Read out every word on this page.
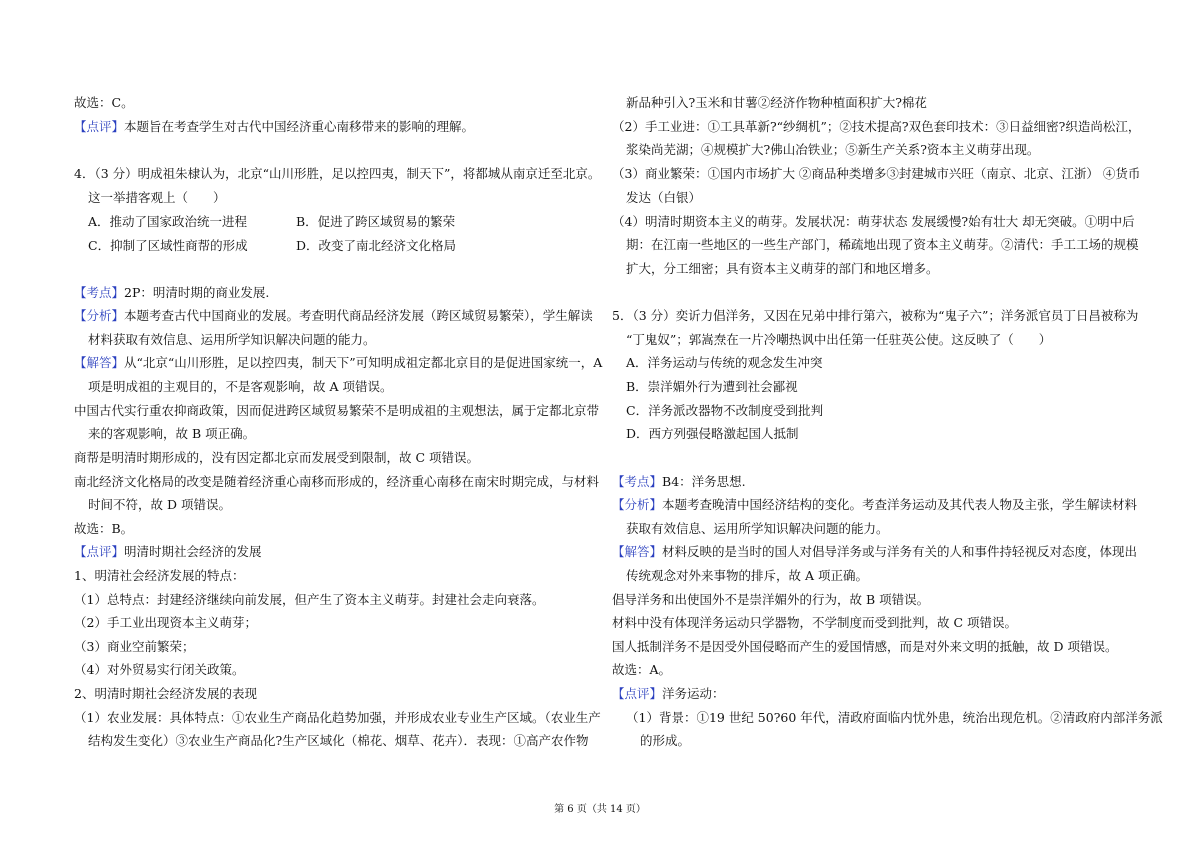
故选：C。
【点评】本题旨在考查学生对古代中国经济重心南移带来的影响的理解。
4．（3 分）明成祖朱棣认为，北京“山川形胜，足以控四夷，制天下”，将都城从南京迁至北京。
这一举措客观上（　　）
A．推动了国家政治统一进程	B．促进了跨区域贸易的繁荣
C．抑制了区域性商帮的形成	D．改变了南北经济文化格局
【考点】2P：明清时期的商业发展.
【分析】本题考查古代中国商业的发展。考查明代商品经济发展（跨区域贸易繁荣），学生解读
材料获取有效信息、运用所学知识解决问题的能力。
【解答】从“北京“山川形胜，足以控四夷，制天下”可知明成祖定都北京目的是促进国家统一，A
项是明成祖的主观目的，不是客观影响，故 A 项错误。
中国古代实行重农抑商政策，因而促进跨区域贸易繁荣不是明成祖的主观想法，属于定都北京带
来的客观影响，故 B 项正确。
商帮是明清时期形成的，没有因定都北京而发展受到限制，故 C 项错误。
南北经济文化格局的改变是随着经济重心南移而形成的，经济重心南移在南宋时期完成，与材料
时间不符，故 D 项错误。
故选：B。
【点评】明清时期社会经济的发展
1、明清社会经济发展的特点：
（1）总特点：封建经济继续向前发展，但产生了资本主义萌芽。封建社会走向衰落。
（2）手工业出现资本主义萌芽；
（3）商业空前繁荣；
（4）对外贸易实行闭关政策。
2、明清时期社会经济发展的表现
（1）农业发展：具体特点：①农业生产商品化趋势加强，并形成农业专业生产区域。（农业生产
结构发生变化）③农业生产商品化?生产区域化（棉花、烟草、花卉）．表现：①高产农作物
新品种引入?玉米和甘薯②经济作物种植面积扩大?棉花
（2）手工业进：①工具革新?“纱绸机”；②技术提高?双色套印技术：③日益细密?织造尚松江，
浆染尚芜湖；④规模扩大?佛山冶铁业；⑤新生产关系?资本主义萌芽出现。
（3）商业繁荣：①国内市场扩大 ②商品种类增多③封建城市兴旺（南京、北京、江浙） ④货币
发达（白银）
（4）明清时期资本主义的萌芽。发展状况：萌芽状态 发展缓慢?始有壮大 却无突破。①明中后
期：在江南一些地区的一些生产部门，稀疏地出现了资本主义萌芽。②清代：手工工场的规模
扩大，分工细密；具有资本主义萌芽的部门和地区增多。
5．（3 分）奕䜣力倡洋务，又因在兄弟中排行第六，被称为“鬼子六”；洋务派官员丁日昌被称为
“丁鬼奴”；郭嵩焘在一片冷嘲热讽中出任第一任驻英公使。这反映了（　　）
A．洋务运动与传统的观念发生冲突
B．崇洋媚外行为遭到社会鄙视
C．洋务派改器物不改制度受到批判
D．西方列强侵略激起国人抵制
【考点】B4：洋务思想.
【分析】本题考查晚清中国经济结构的变化。考查洋务运动及其代表人物及主张，学生解读材料
获取有效信息、运用所学知识解决问题的能力。
【解答】材料反映的是当时的国人对倡导洋务或与洋务有关的人和事件持轻视反对态度，体现出
传统观念对外来事物的排斥，故 A 项正确。
倡导洋务和出使国外不是崇洋媚外的行为，故 B 项错误。
材料中没有体现洋务运动只学器物，不学制度而受到批判，故 C 项错误。
国人抵制洋务不是因受外国侵略而产生的爱国情感，而是对外来文明的抵触，故 D 项错误。
故选：A。
【点评】洋务运动：
（1）背景：①19 世纪 50?60 年代，清政府面临内忧外患，统治出现危机。②清政府内部洋务派
的形成。
第 6 页（共 14 页）
